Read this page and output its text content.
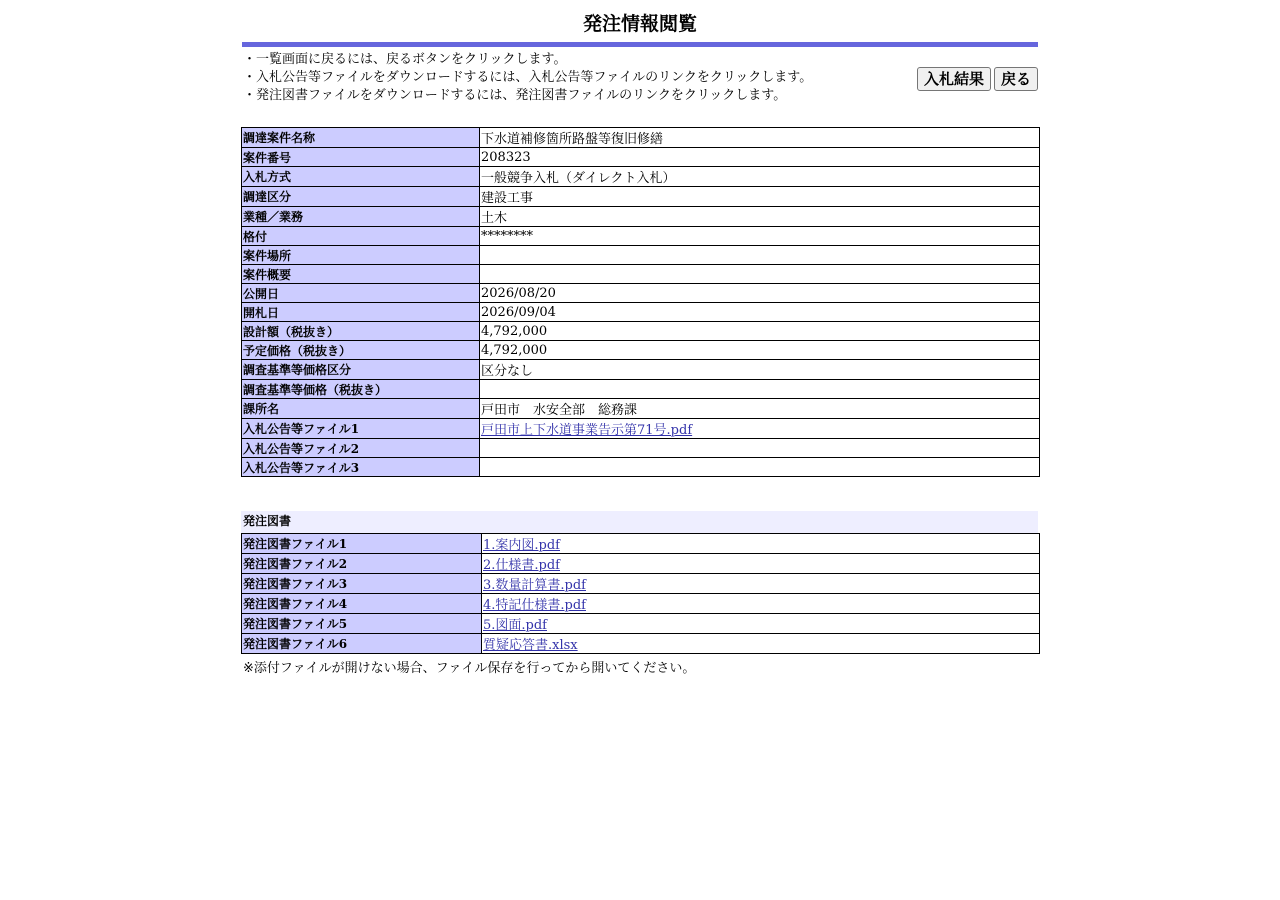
発注情報閲覧
・一覧画面に戻るには、戻るボタンをクリックします。
・入札公告等ファイルをダウンロードするには、入札公告等ファイルのリンクをクリックします。
・発注図書ファイルをダウンロードするには、発注図書ファイルのリンクをクリックします。
入札結果	戻る
調達案件名称	下水道補修箇所路盤等復旧修繕
案件番号	208323
入札方式	一般競争入札（ダイレクト入札）
調達区分	建設工事
業種／業務	土木
格付	********
案件場所	
案件概要	
公開日	2026/08/20
開札日	2026/09/04
設計額（税抜き）	4,792,000
予定価格（税抜き）	4,792,000
調査基準等価格区分	区分なし
調査基準等価格（税抜き）	
課所名	戸田市　水安全部　総務課
入札公告等ファイル1	戸田市上下水道事業告示第71号.pdf
入札公告等ファイル2	
入札公告等ファイル3	
発注図書
発注図書ファイル1	1.案内図.pdf
発注図書ファイル2	2.仕様書.pdf
発注図書ファイル3	3.数量計算書.pdf
発注図書ファイル4	4.特記仕様書.pdf
発注図書ファイル5	5.図面.pdf
発注図書ファイル6	質疑応答書.xlsx
※添付ファイルが開けない場合、ファイル保存を行ってから開いてください。
